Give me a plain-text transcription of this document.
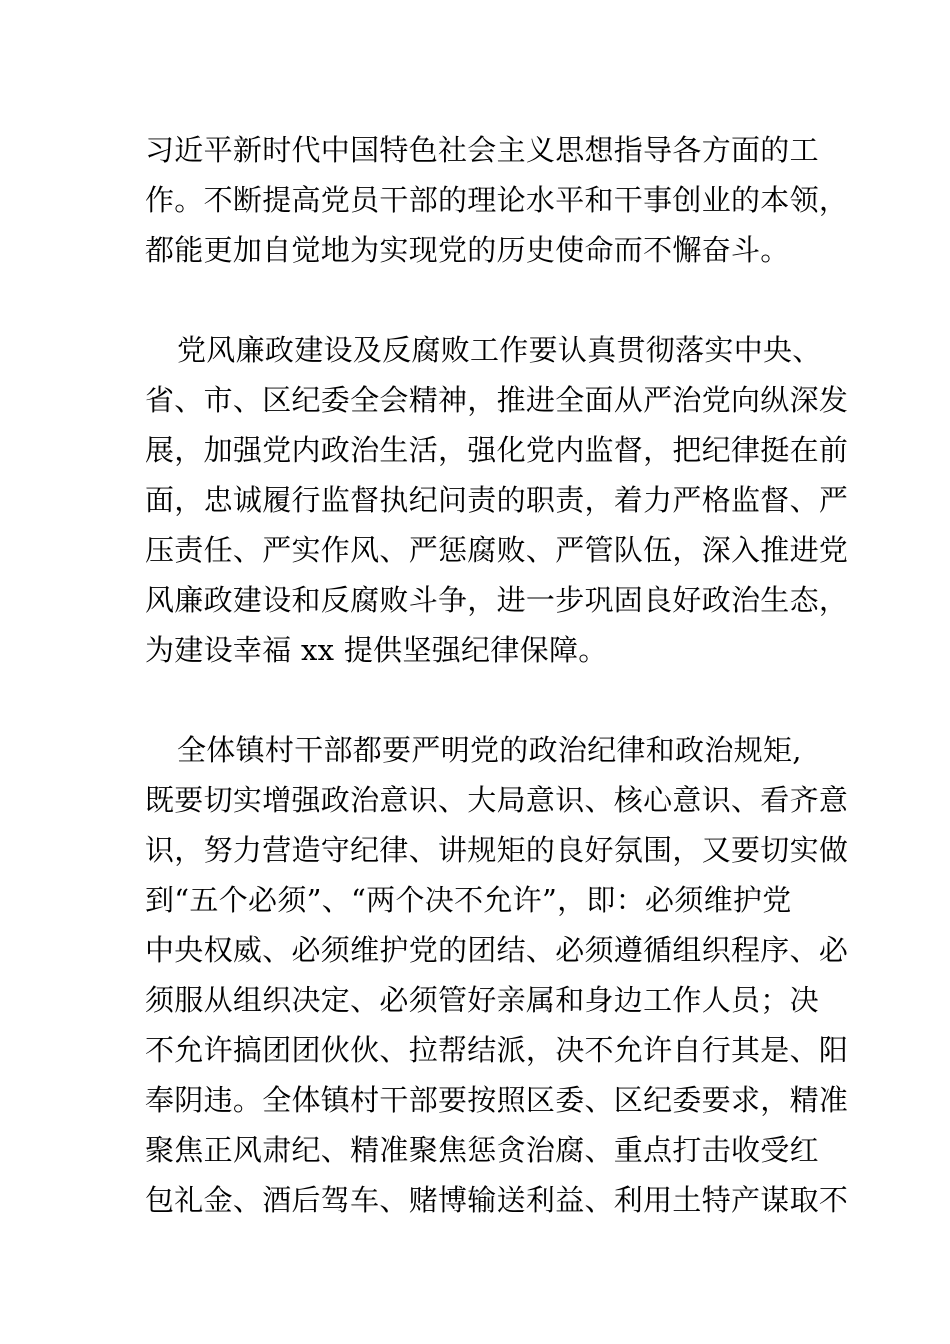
习近平新时代中国特色社会主义思想指导各方面的工
作。不断提高党员干部的理论水平和干事创业的本领，
都能更加自觉地为实现党的历史使命而不懈奋斗。
党风廉政建设及反腐败工作要认真贯彻落实中央、
省、市、区纪委全会精神，推进全面从严治党向纵深发
展，加强党内政治生活，强化党内监督，把纪律挺在前
面，忠诚履行监督执纪问责的职责，着力严格监督、严
压责任、严实作风、严惩腐败、严管队伍，深入推进党
风廉政建设和反腐败斗争，进一步巩固良好政治生态，
为建设幸福 xx 提供坚强纪律保障。
全体镇村干部都要严明党的政治纪律和政治规矩,
既要切实增强政治意识、大局意识、核心意识、看齐意
识，努力营造守纪律、讲规矩的良好氛围，又要切实做
到“五个必须”、“两个决不允许”，即：必须维护党
中央权威、必须维护党的团结、必须遵循组织程序、必
须服从组织决定、必须管好亲属和身边工作人员；决
不允许搞团团伙伙、拉帮结派，决不允许自行其是、阳
奉阴违。全体镇村干部要按照区委、区纪委要求，精准
聚焦正风肃纪、精准聚焦惩贪治腐、重点打击收受红
包礼金、酒后驾车、赌博输送利益、利用土特产谋取不
